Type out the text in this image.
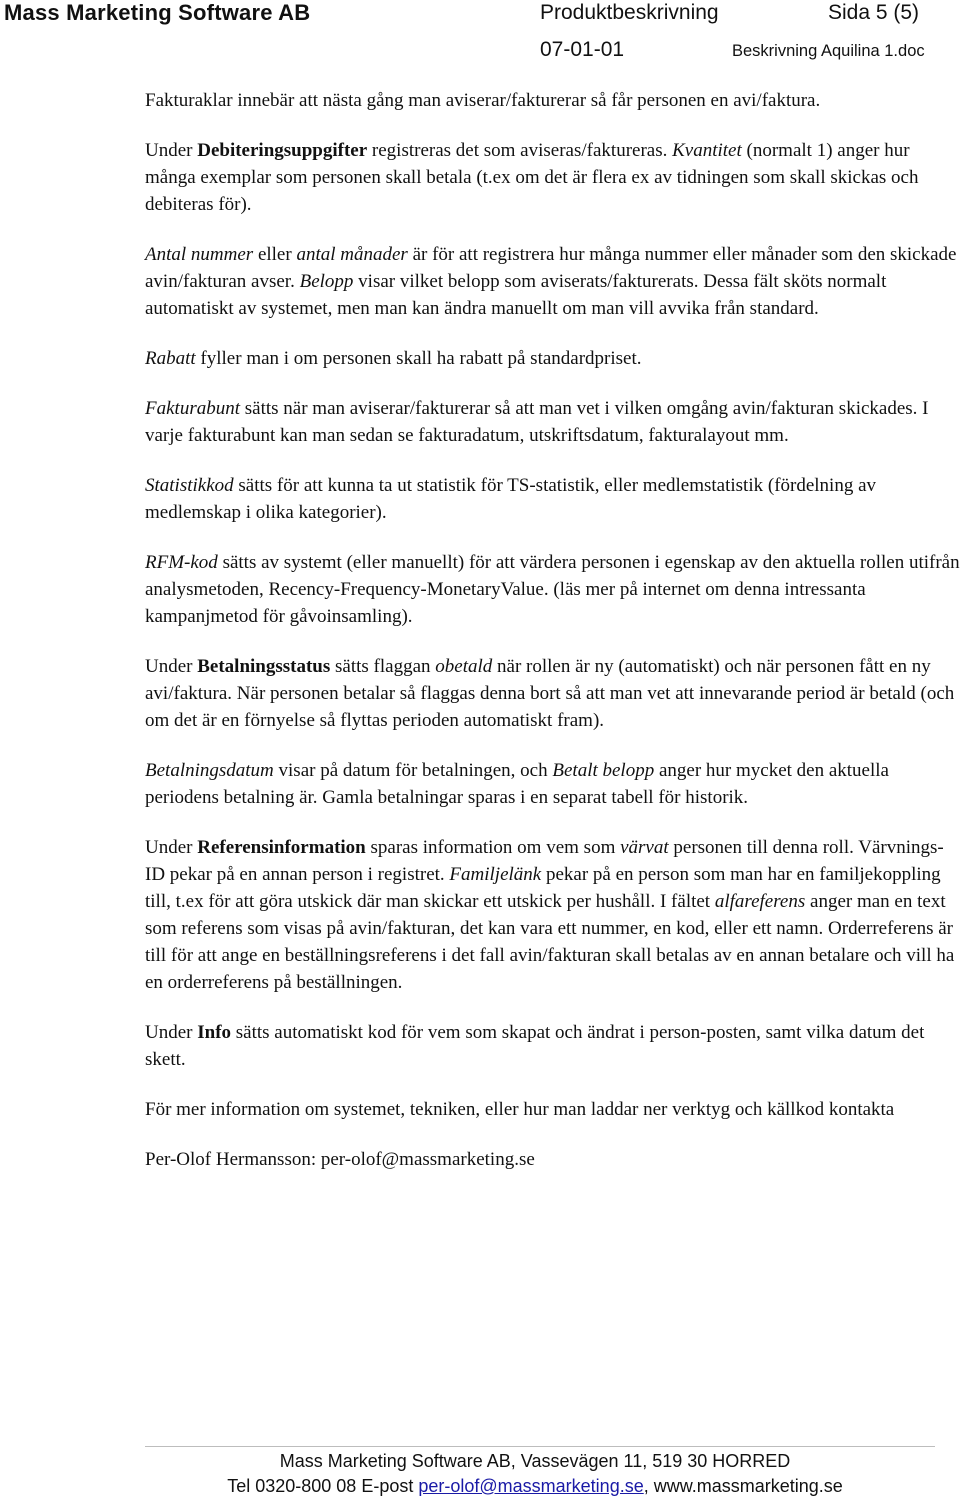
Mass Marketing Software AB	Produktbeskrivning	Sida 5 (5)
07-01-01	Beskrivning Aquilina 1.doc

Fakturaklar innebär att nästa gång man aviserar/fakturerar så får personen en avi/faktura.

Under Debiteringsuppgifter registreras det som aviseras/faktureras. Kvantitet (normalt 1) anger hur många exemplar som personen skall betala (t.ex om det är flera ex av tidningen som skall skickas och debiteras för).

Antal nummer eller antal månader är för att registrera hur många nummer eller månader som den skickade avin/fakturan avser. Belopp visar vilket belopp som aviserats/fakturerats. Dessa fält sköts normalt automatiskt av systemet, men man kan ändra manuellt om man vill avvika från standard.

Rabatt fyller man i om personen skall ha rabatt på standardpriset.

Fakturabunt sätts när man aviserar/fakturerar så att man vet i vilken omgång avin/fakturan skickades. I varje fakturabunt kan man sedan se fakturadatum, utskriftsdatum, fakturalayout mm.

Statistikkod sätts för att kunna ta ut statistik för TS-statistik, eller medlemstatistik (fördelning av medlemskap i olika kategorier).

RFM-kod sätts av systemt (eller manuellt) för att värdera personen i egenskap av den aktuella rollen utifrån analysmetoden, Recency-Frequency-MonetaryValue. (läs mer på internet om denna intressanta kampanjmetod för gåvoinsamling).

Under Betalningsstatus sätts flaggan obetald när rollen är ny (automatiskt) och när personen fått en ny avi/faktura. När personen betalar så flaggas denna bort så att man vet att innevarande period är betald (och om det är en förnyelse så flyttas perioden automatiskt fram).

Betalningsdatum visar på datum för betalningen, och Betalt belopp anger hur mycket den aktuella periodens betalning är. Gamla betalningar sparas i en separat tabell för historik.

Under Referensinformation sparas information om vem som värvat personen till denna roll. Värvnings-ID pekar på en annan person i registret. Familjelänk pekar på en person som man har en familjekoppling till, t.ex för att göra utskick där man skickar ett utskick per hushåll. I fältet alfareferens anger man en text som referens som visas på avin/fakturan, det kan vara ett nummer, en kod, eller ett namn. Orderreferens är till för att ange en beställningsreferens i det fall avin/fakturan skall betalas av en annan betalare och vill ha en orderreferens på beställningen.

Under Info sätts automatiskt kod för vem som skapat och ändrat i person-posten, samt vilka datum det skett.

För mer information om systemet, tekniken, eller hur man laddar ner verktyg och källkod kontakta

Per-Olof Hermansson: per-olof@massmarketing.se

Mass Marketing Software AB, Vassevägen 11, 519 30 HORRED
Tel 0320-800 08 E-post per-olof@massmarketing.se, www.massmarketing.se
